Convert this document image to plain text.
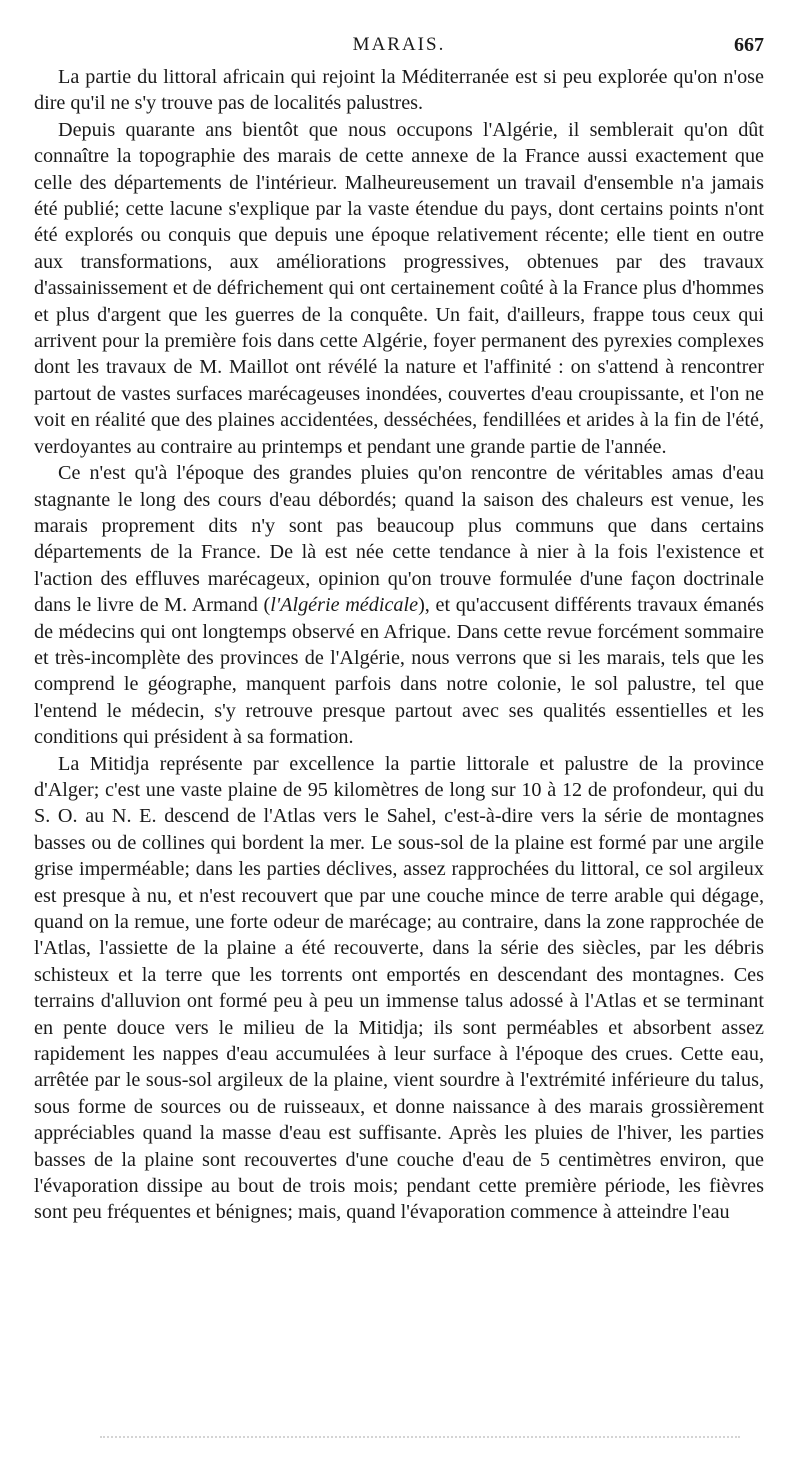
MARAIS.	667

La partie du littoral africain qui rejoint la Méditerranée est si peu explorée qu'on n'ose dire qu'il ne s'y trouve pas de localités palustres.

Depuis quarante ans bientôt que nous occupons l'Algérie, il semblerait qu'on dût connaître la topographie des marais de cette annexe de la France aussi exactement que celle des départements de l'intérieur. Malheureusement un travail d'ensemble n'a jamais été publié; cette lacune s'explique par la vaste étendue du pays, dont certains points n'ont été explorés ou conquis que depuis une époque relativement récente; elle tient en outre aux transformations, aux améliorations progressives, obtenues par des travaux d'assainissement et de défrichement qui ont certainement coûté à la France plus d'hommes et plus d'argent que les guerres de la conquête. Un fait, d'ailleurs, frappe tous ceux qui arrivent pour la première fois dans cette Algérie, foyer permanent des pyrexies complexes dont les travaux de M. Maillot ont révélé la nature et l'affinité : on s'attend à rencontrer partout de vastes surfaces marécageuses inondées, couvertes d'eau croupissante, et l'on ne voit en réalité que des plaines accidentées, desséchées, fendillées et arides à la fin de l'été, verdoyantes au contraire au printemps et pendant une grande partie de l'année.

Ce n'est qu'à l'époque des grandes pluies qu'on rencontre de véritables amas d'eau stagnante le long des cours d'eau débordés; quand la saison des chaleurs est venue, les marais proprement dits n'y sont pas beaucoup plus communs que dans certains départements de la France. De là est née cette tendance à nier à la fois l'existence et l'action des effluves marécageux, opinion qu'on trouve formulée d'une façon doctrinale dans le livre de M. Armand (l'Algérie médicale), et qu'accusent différents travaux émanés de médecins qui ont longtemps observé en Afrique. Dans cette revue forcément sommaire et très-incomplète des provinces de l'Algérie, nous verrons que si les marais, tels que les comprend le géographe, manquent parfois dans notre colonie, le sol palustre, tel que l'entend le médecin, s'y retrouve presque partout avec ses qualités essentielles et les conditions qui président à sa formation.

La Mitidja représente par excellence la partie littorale et palustre de la province d'Alger; c'est une vaste plaine de 95 kilomètres de long sur 10 à 12 de profondeur, qui du S. O. au N. E. descend de l'Atlas vers le Sahel, c'est-à-dire vers la série de montagnes basses ou de collines qui bordent la mer. Le sous-sol de la plaine est formé par une argile grise imperméable; dans les parties déclives, assez rapprochées du littoral, ce sol argileux est presque à nu, et n'est recouvert que par une couche mince de terre arable qui dégage, quand on la remue, une forte odeur de marécage; au contraire, dans la zone rapprochée de l'Atlas, l'assiette de la plaine a été recouverte, dans la série des siècles, par les débris schisteux et la terre que les torrents ont emportés en descendant des montagnes. Ces terrains d'alluvion ont formé peu à peu un immense talus adossé à l'Atlas et se terminant en pente douce vers le milieu de la Mitidja; ils sont perméables et absorbent assez rapidement les nappes d'eau accumulées à leur surface à l'époque des crues. Cette eau, arrêtée par le sous-sol argileux de la plaine, vient sourdre à l'extrémité inférieure du talus, sous forme de sources ou de ruisseaux, et donne naissance à des marais grossièrement appréciables quand la masse d'eau est suffisante. Après les pluies de l'hiver, les parties basses de la plaine sont recouvertes d'une couche d'eau de 5 centimètres environ, que l'évaporation dissipe au bout de trois mois; pendant cette première période, les fièvres sont peu fréquentes et bénignes; mais, quand l'évaporation commence à atteindre l'eau
